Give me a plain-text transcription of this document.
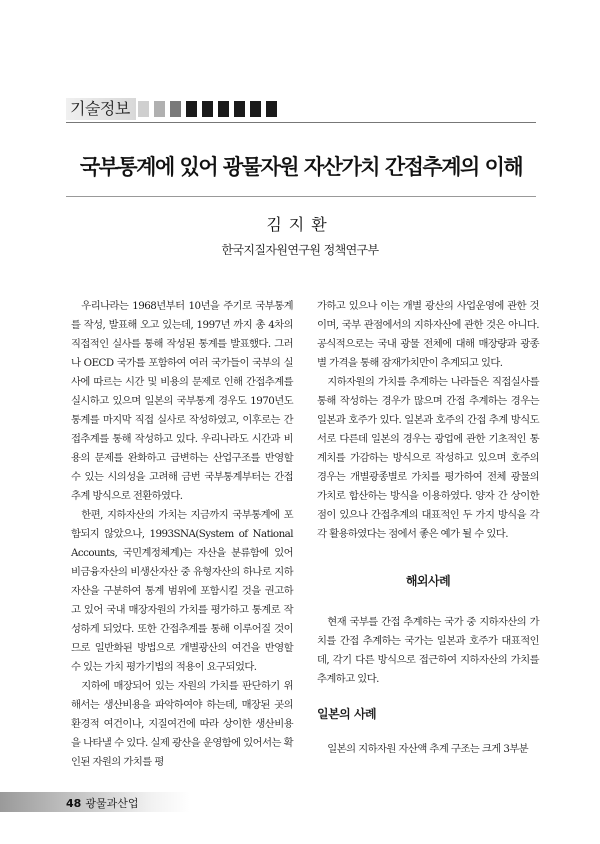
기술정보
국부통계에 있어 광물자원 자산가치 간접추계의 이해
김지환
한국지질자원연구원 정책연구부

우리나라는 1968년부터 10년을 주기로 국부통계를 작성, 발표해 오고 있는데, 1997년 까지 총 4차의 직접적인 실사를 통해 작성된 통계를 발표했다. 그러나 OECD 국가를 포함하여 여러 국가들이 국부의 실사에 따르는 시간 및 비용의 문제로 인해 간접추계를 실시하고 있으며 일본의 국부통계 경우도 1970년도 통계를 마지막 직접 실사로 작성하였고, 이후로는 간접추계를 통해 작성하고 있다. 우리나라도 시간과 비용의 문제를 완화하고 급변하는 산업구조를 반영할 수 있는 시의성을 고려해 금번 국부통계부터는 간접추계 방식으로 전환하였다.

한편, 지하자산의 가치는 지금까지 국부통계에 포함되지 않았으나, 1993SNA(System of National Accounts, 국민계정체계)는 자산을 분류함에 있어 비금융자산의 비생산자산 중 유형자산의 하나로 지하자산을 구분하여 통계 범위에 포함시킬 것을 권고하고 있어 국내 매장자원의 가치를 평가하고 통계로 작성하게 되었다. 또한 간접추계를 통해 이루어질 것이므로 일반화된 방법으로 개별광산의 여건을 반영할 수 있는 가치 평가기법의 적용이 요구되었다.

지하에 매장되어 있는 자원의 가치를 판단하기 위해서는 생산비용을 파악하여야 하는데, 매장된 곳의 환경적 여건이나, 지질여건에 따라 상이한 생산비용을 나타낼 수 있다. 실제 광산을 운영함에 있어서는 확인된 자원의 가치를 평

가하고 있으나 이는 개별 광산의 사업운영에 관한 것이며, 국부 관점에서의 지하자산에 관한 것은 아니다. 공식적으로는 국내 광물 전체에 대해 매장량과 광종별 가격을 통해 잠재가치만이 추계되고 있다.

지하자원의 가치를 추계하는 나라들은 직접실사를 통해 작성하는 경우가 많으며 간접 추계하는 경우는 일본과 호주가 있다. 일본과 호주의 간접 추계 방식도 서로 다른데 일본의 경우는 광업에 관한 기초적인 통계치를 가감하는 방식으로 작성하고 있으며 호주의 경우는 개별광종별로 가치를 평가하여 전체 광물의 가치로 합산하는 방식을 이용하였다. 양자 간 상이한 점이 있으나 간접추계의 대표적인 두 가지 방식을 각각 활용하였다는 점에서 좋은 예가 될 수 있다.

해외사례

현재 국부를 간접 추계하는 국가 중 지하자산의 가치를 간접 추계하는 국가는 일본과 호주가 대표적인데, 각기 다른 방식으로 접근하여 지하자산의 가치를 추계하고 있다.

일본의 사례

일본의 지하자원 자산액 추계 구조는 크게 3부분

48 광물과산업
